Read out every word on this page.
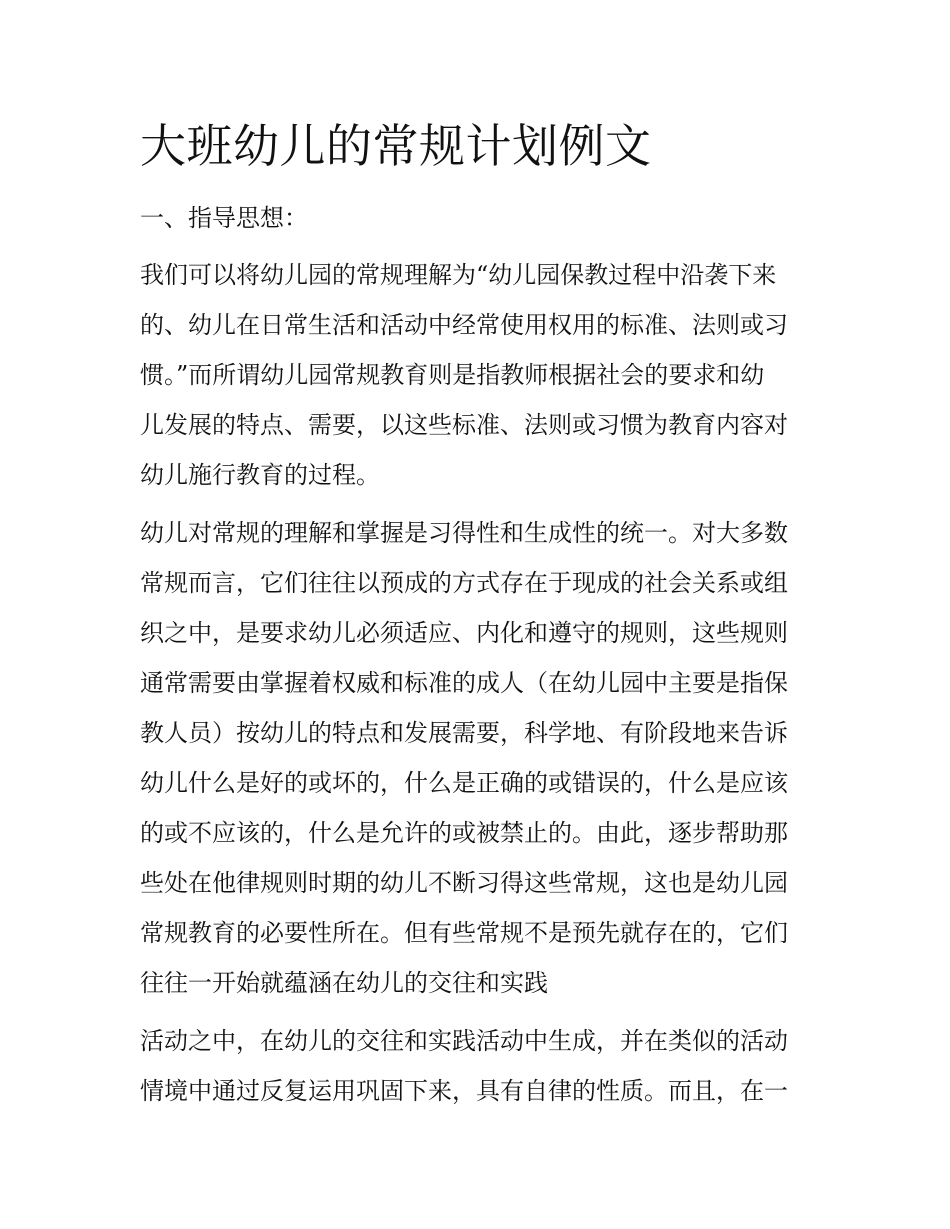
大班幼儿的常规计划例文
一、指导思想：

我们可以将幼儿园的常规理解为“幼儿园保教过程中沿袭下来
的、幼儿在日常生活和活动中经常使用权用的标准、法则或习
惯。”而所谓幼儿园常规教育则是指教师根据社会的要求和幼
儿发展的特点、需要，以这些标准、法则或习惯为教育内容对
幼儿施行教育的过程。

幼儿对常规的理解和掌握是习得性和生成性的统一。对大多数
常规而言，它们往往以预成的方式存在于现成的社会关系或组
织之中，是要求幼儿必须适应、内化和遵守的规则，这些规则
通常需要由掌握着权威和标准的成人（在幼儿园中主要是指保
教人员）按幼儿的特点和发展需要，科学地、有阶段地来告诉
幼儿什么是好的或坏的，什么是正确的或错误的，什么是应该
的或不应该的，什么是允许的或被禁止的。由此，逐步帮助那
些处在他律规则时期的幼儿不断习得这些常规，这也是幼儿园
常规教育的必要性所在。但有些常规不是预先就存在的，它们
往往一开始就蕴涵在幼儿的交往和实践

活动之中，在幼儿的交往和实践活动中生成，并在类似的活动
情境中通过反复运用巩固下来，具有自律的性质。而且，在一
